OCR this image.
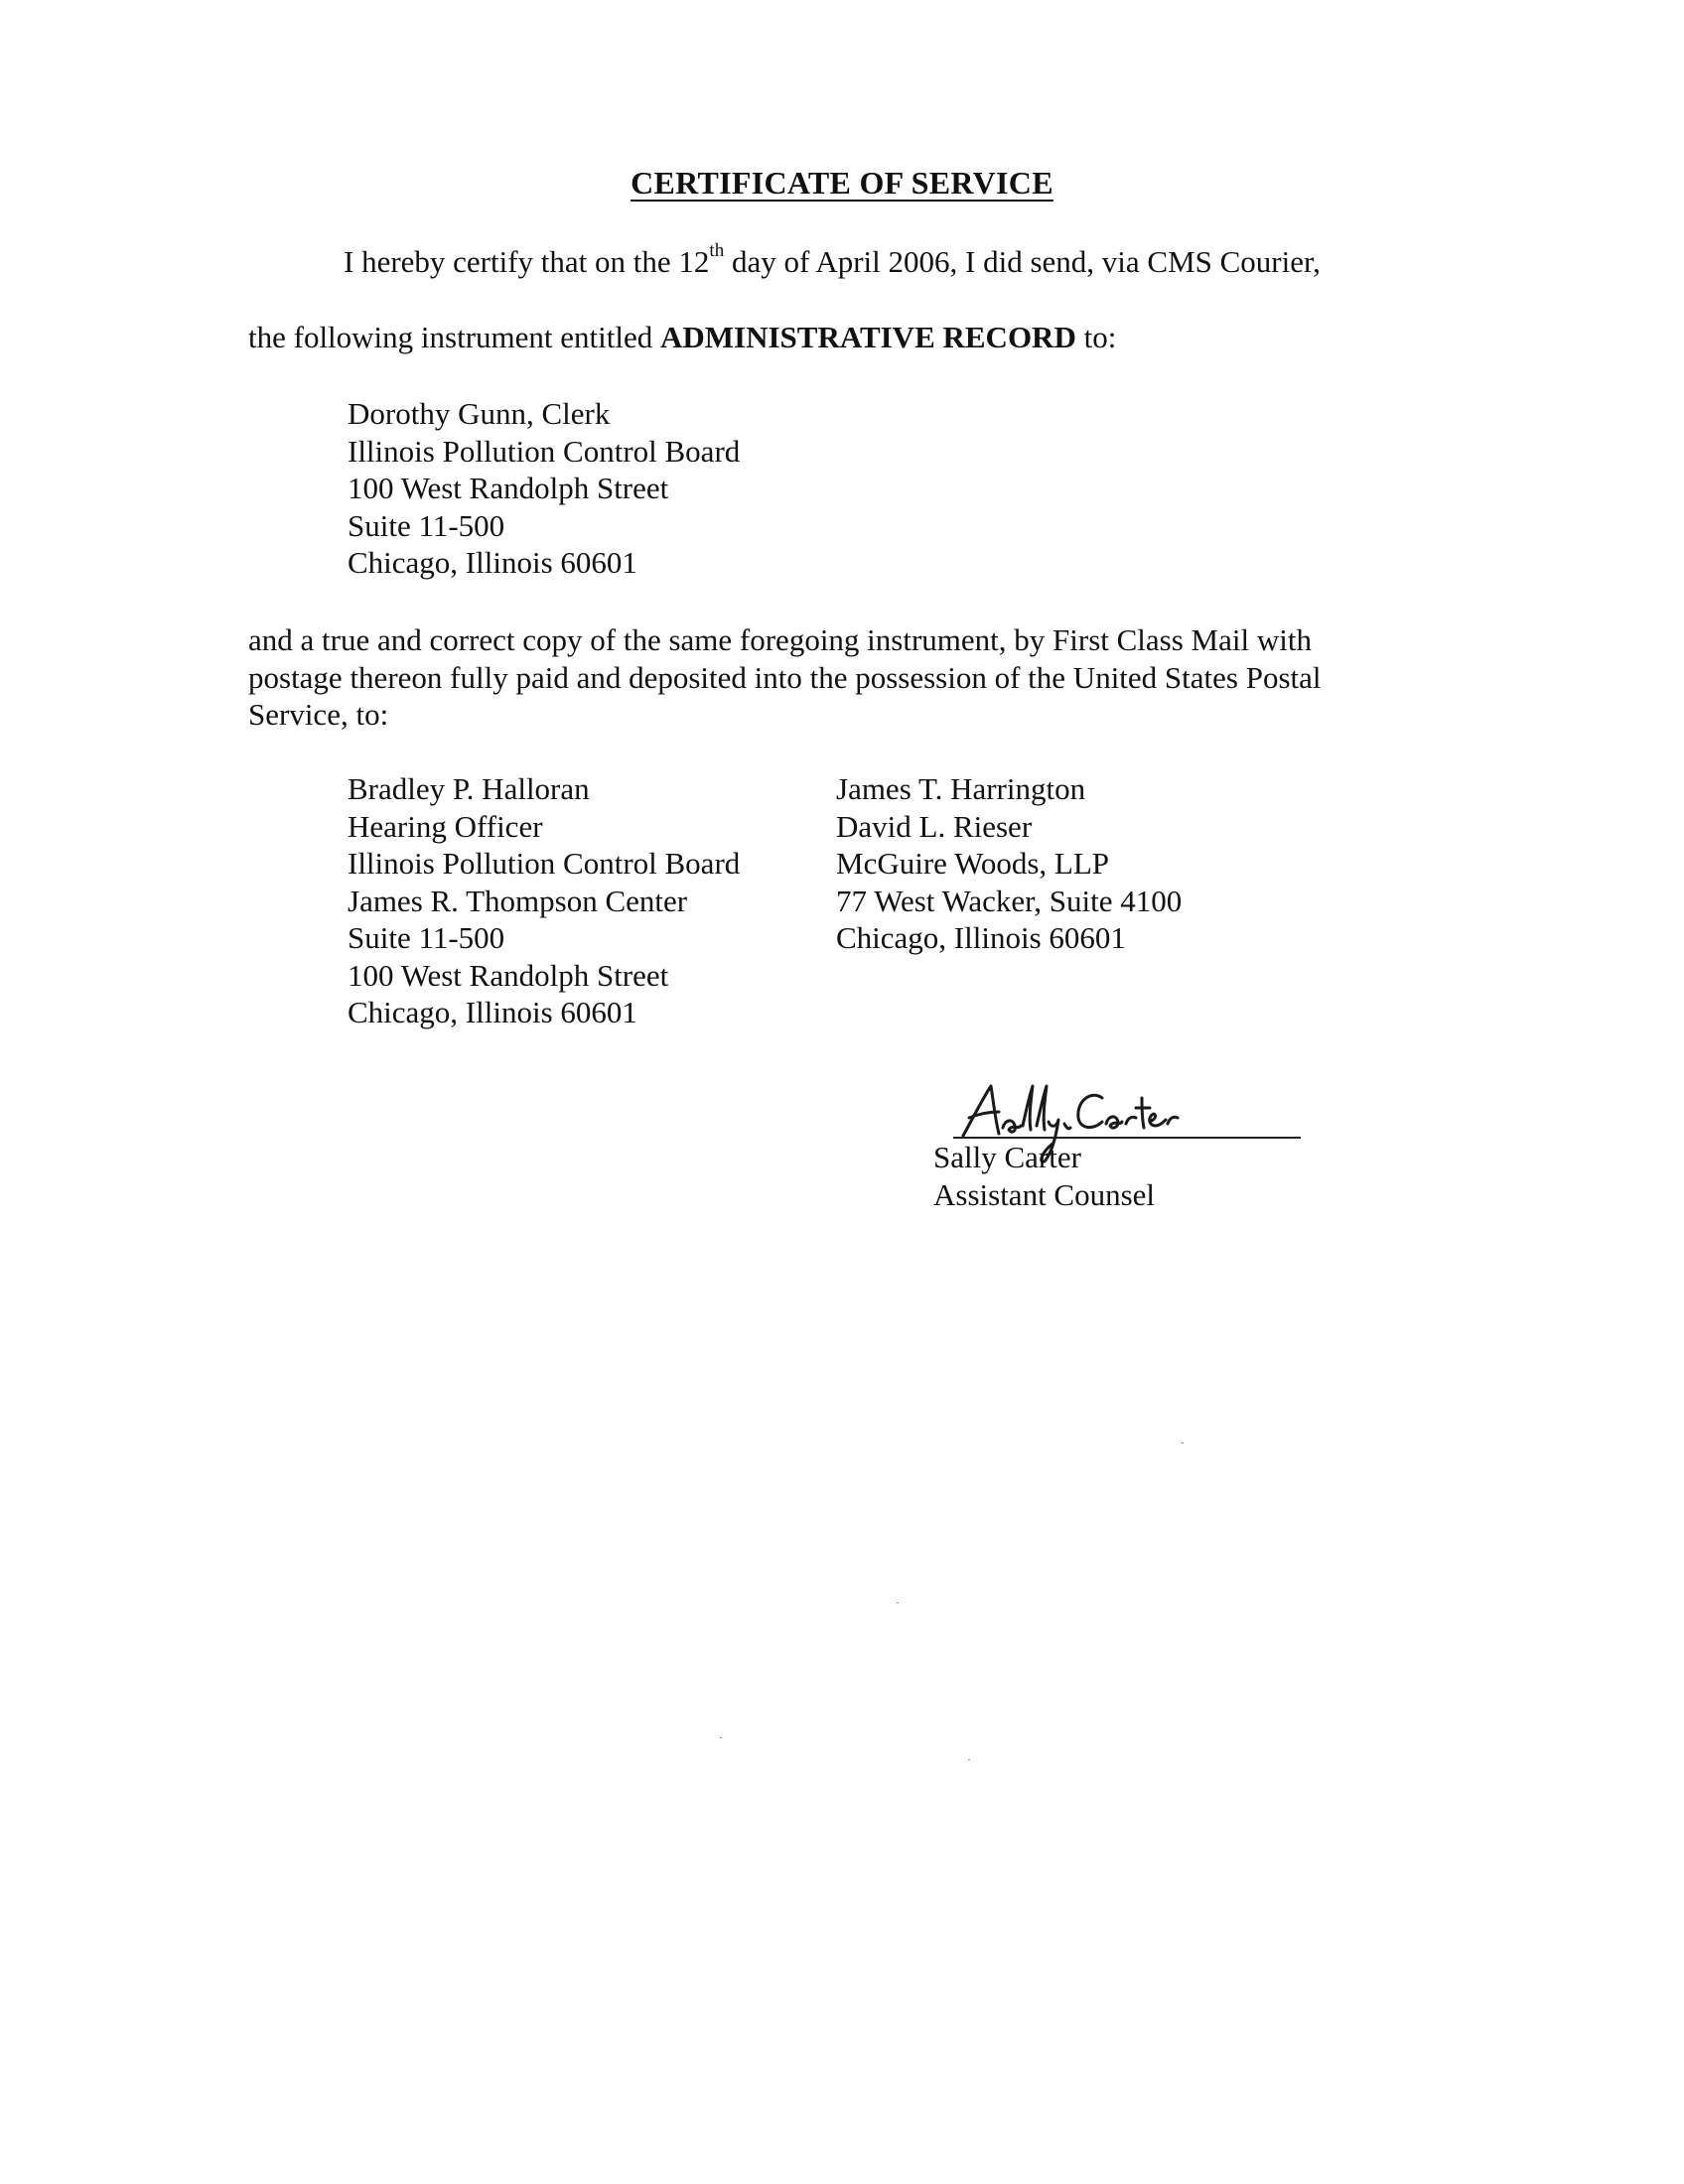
CERTIFICATE OF SERVICE
I hereby certify that on the 12th day of April 2006, I did send, via CMS Courier,
the following instrument entitled ADMINISTRATIVE RECORD to:
Dorothy Gunn, Clerk
Illinois Pollution Control Board
100 West Randolph Street
Suite 11-500
Chicago, Illinois 60601
and a true and correct copy of the same foregoing instrument, by First Class Mail with
postage thereon fully paid and deposited into the possession of the United States Postal
Service, to:
Bradley P. Halloran
Hearing Officer
Illinois Pollution Control Board
James R. Thompson Center
Suite 11-500
100 West Randolph Street
Chicago, Illinois 60601
James T. Harrington
David L. Rieser
McGuire Woods, LLP
77 West Wacker, Suite 4100
Chicago, Illinois 60601
Sally Carter
Assistant Counsel
